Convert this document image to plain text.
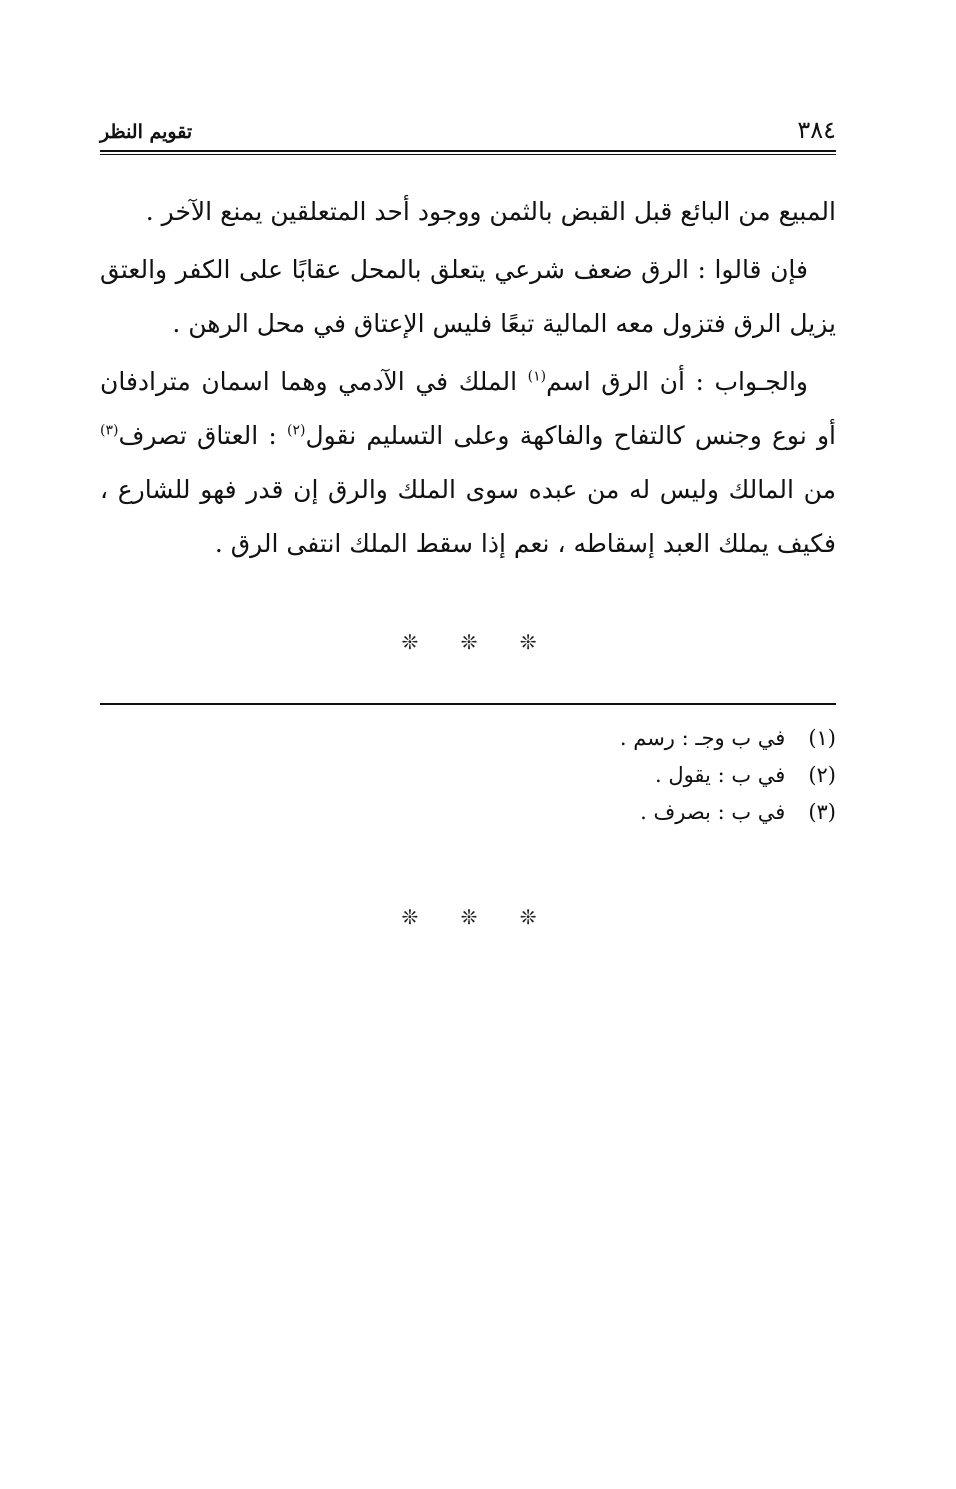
٣٨٤
تقويم النظر

المبيع من البائع قبل القبض بالثمن ووجود أحد المتعلقين يمنع الآخر .

فإن قالوا : الرق ضعف شرعي يتعلق بالمحل عقابًا على الكفر والعتق يزيل الرق فتزول معه المالية تبعًا فليس الإعتاق في محل الرهن .

والجـواب : أن الرق اسم$^{(١)}$ الملك في الآدمي وهما اسمان مترادفان أو نوع وجنس كالتفاح والفاكهة وعلى التسليم نقول$^{(٢)}$ : العتاق تصرف$^{(٣)}$ من المالك وليس له من عبده سوى الملك والرق إن قدر فهو للشارع ، فكيف يملك العبد إسقاطه ، نعم إذا سقط الملك انتفى الرق .

❊ ❊ ❊
(١) في ب وجـ : رسم .
(٢) في ب : يقول .
(٣) في ب : بصرف .
❊ ❊ ❊
